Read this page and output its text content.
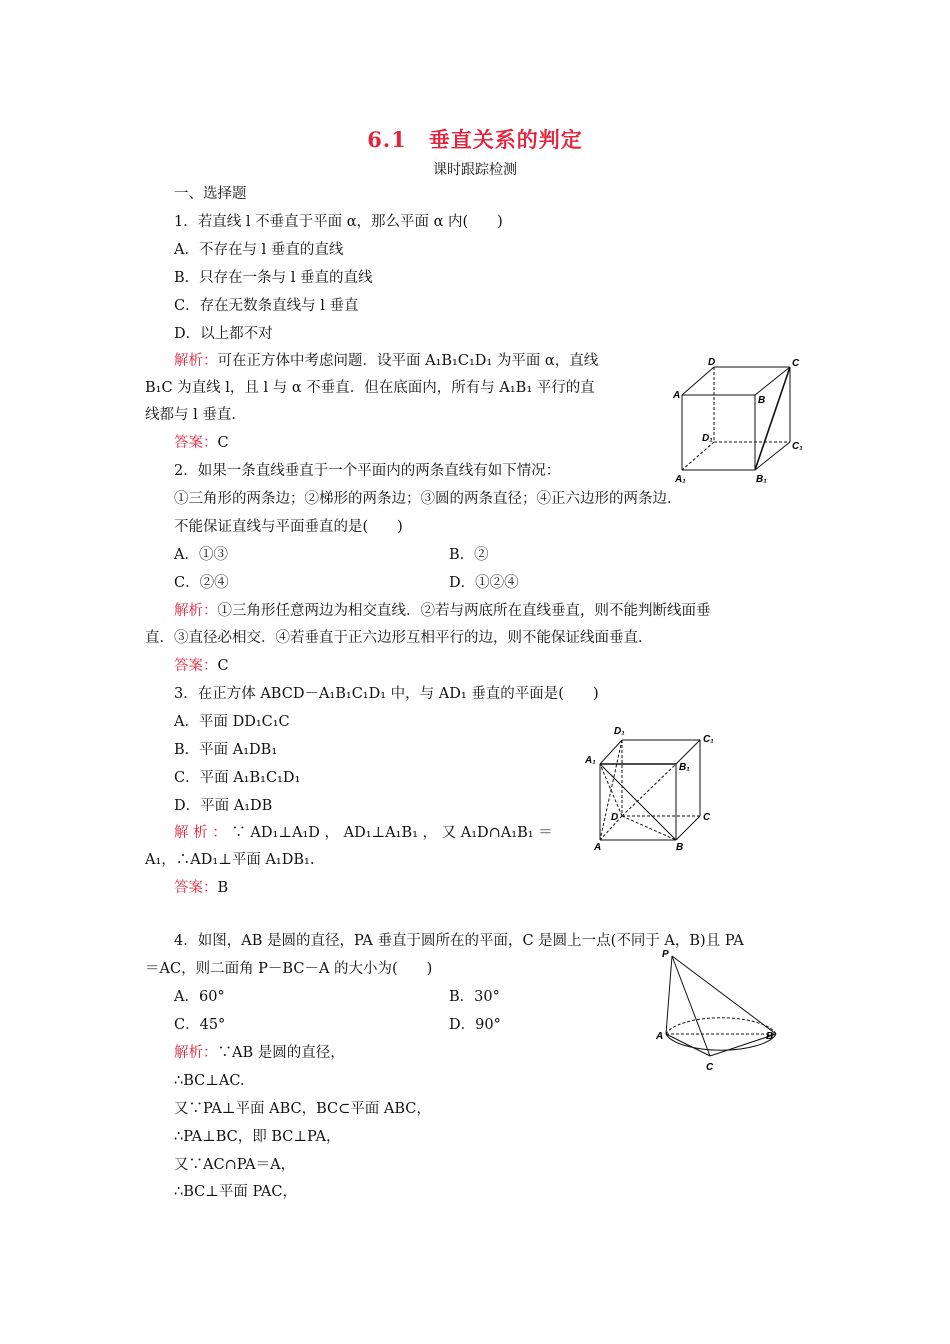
6.1　垂直关系的判定
课时跟踪检测
一、选择题
1．若直线 l 不垂直于平面 α，那么平面 α 内(　　)
A．不存在与 l 垂直的直线
B．只存在一条与 l 垂直的直线
C．存在无数条直线与 l 垂直
D．以上都不对
解析：可在正方体中考虑问题．设平面 A₁B₁C₁D₁ 为平面 α，直线
B₁C 为直线 l，且 l 与 α 不垂直．但在底面内，所有与 A₁B₁ 平行的直
线都与 l 垂直．
答案：C
D	C
A	B
D₁
C₁
A₁	B₁
2．如果一条直线垂直于一个平面内的两条直线有如下情况：
①三角形的两条边；②梯形的两条边；③圆的两条直径；④正六边形的两条边．
不能保证直线与平面垂直的是(　　)
A．①③	B．②
C．②④	D．①②④
解析：①三角形任意两边为相交直线．②若与两底所在直线垂直，则不能判断线面垂
直．③直径必相交．④若垂直于正六边形互相平行的边，则不能保证线面垂直．
答案：C
3．在正方体 ABCD－A₁B₁C₁D₁ 中，与 AD₁ 垂直的平面是(　　)
A．平面 DD₁C₁C
B．平面 A₁DB₁
C．平面 A₁B₁C₁D₁
D．平面 A₁DB
解 析 ： ∵ AD₁⊥A₁D ， AD₁⊥A₁B₁ ， 又 A₁D∩A₁B₁ ＝
A₁，∴AD₁⊥平面 A₁DB₁.
答案：B
D₁
C₁
A₁
B₁
D	C
A	B
4．如图，AB 是圆的直径，PA 垂直于圆所在的平面，C 是圆上一点(不同于 A，B)且 PA
＝AC，则二面角 P－BC－A 的大小为(　　)
A．60°	B．30°
C．45°	D．90°
解析：∵AB 是圆的直径，
∴BC⊥AC.
又∵PA⊥平面 ABC，BC⊂平面 ABC，
∴PA⊥BC，即 BC⊥PA，
又∵AC∩PA＝A，
∴BC⊥平面 PAC，
P
A	B
C
